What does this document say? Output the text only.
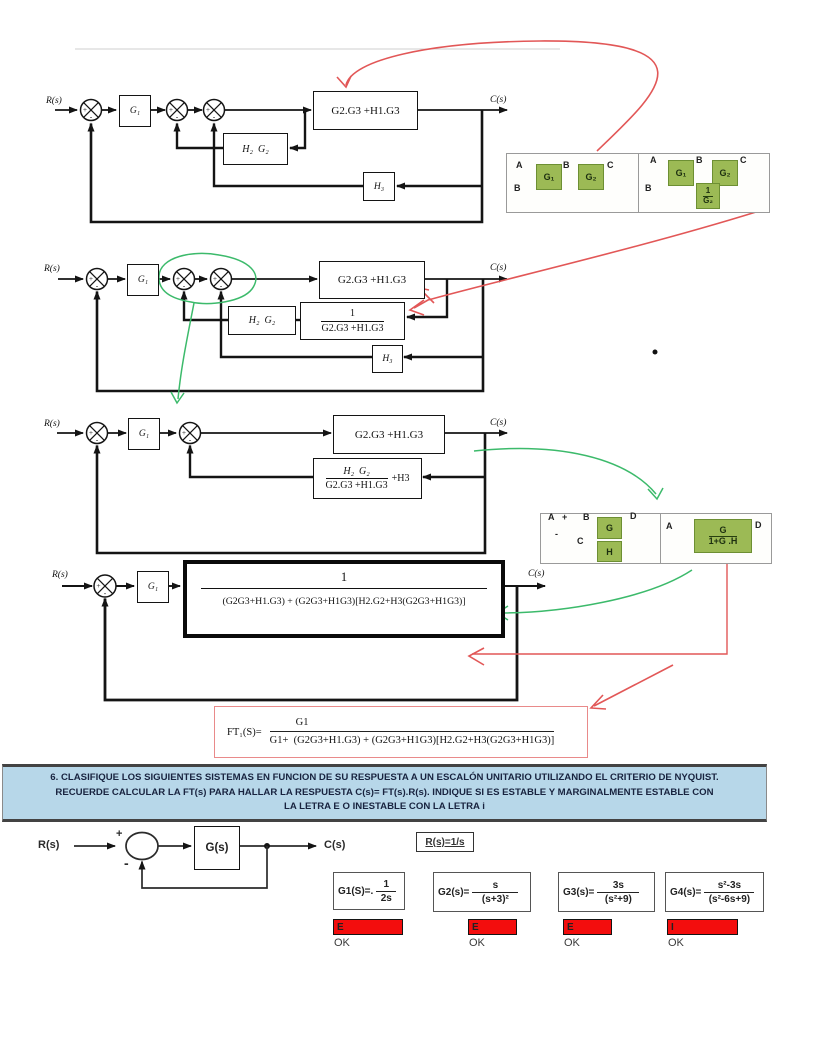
+
-
+
-
+
-
+
-
+
-
+
-
+
-
+
-
+
-
R(s)
G₁	G2.G3 +H1.G3
H₂  G₂
H₃
C(s)
A
G₁
B
G₂
C
B
A
G₁
B
G₂
C
B	$\frac{1}{\text{G₂}}$
R(s)
G₁	G2.G3 +H1.G3
$\frac{1}{G2.G3 +H1.G3}$
H₂  G₂
H₃
C(s)
R(s)
G₁	G2.G3 +H1.G3
$\frac{\text{H₂  G₂}}{G2.G3 +H1.G3} +H3$
C(s)
A + B
G
D
-
C
H
A	$\frac{G}{1+G .H}$
D
R(s)
G₁
1
(G2G3+H1.G3) + (G2G3+H1G3)[H2.G2+H3(G2G3+H1G3)]
C(s)
$FT_1(S)= \frac{G1}{G1+ (G2G3+H1.G3) + (G2G3+H1G3)[H2.G2+H3(G2G3+H1G3)]}$
6. CLASIFIQUE LOS SIGUIENTES SISTEMAS EN FUNCION DE SU RESPUESTA A UN ESCALÓN UNITARIO UTILIZANDO EL CRITERIO DE NYQUIST.
RECUERDE CALCULAR LA FT(s) PARA HALLAR LA RESPUESTA C(s)= FT(s).R(s). INDIQUE SI ES ESTABLE Y MARGINALMENTE ESTABLE CON
LA LETRA E O INESTABLE CON LA LETRA i
R(s)
+
-
G(s)	C(s)	R(s)=1/s
G1(S)=. $\frac{1}{2s}$	$G2(s)= \frac{s}{\text{(s+3)²}}$	$G3(s)= \frac{3s}{\text{(s²+9)}}$	$G4(s)= \frac{\text{s²-3s}}{\text{(s²-6s+9)}}$
E	E	E	I
OK	OK	OK	OK
